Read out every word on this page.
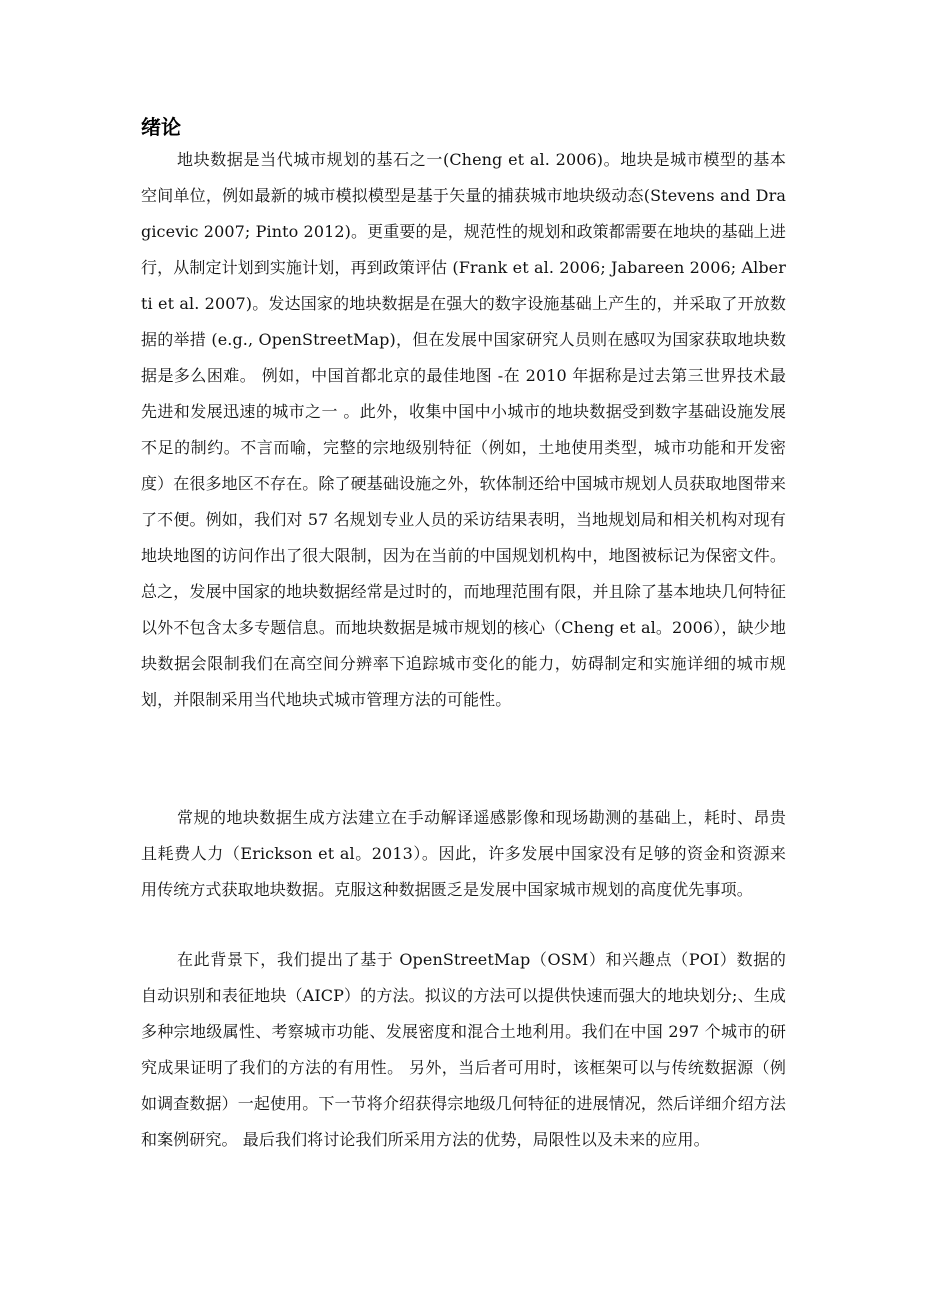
绪论

地块数据是当代城市规划的基石之一(Cheng et al. 2006)。地块是城市模型的基本空间单位，例如最新的城市模拟模型是基于矢量的捕获城市地块级动态(Stevens and Dragicevic 2007; Pinto 2012)。更重要的是，规范性的规划和政策都需要在地块的基础上进行，从制定计划到实施计划，再到政策评估 (Frank et al. 2006; Jabareen 2006; Alberti et al. 2007)。发达国家的地块数据是在强大的数字设施基础上产生的，并采取了开放数据的举措 (e.g., OpenStreetMap)，但在发展中国家研究人员则在感叹为国家获取地块数据是多么困难。 例如，中国首都北京的最佳地图 -在 2010 年据称是过去第三世界技术最先进和发展迅速的城市之一 。此外，收集中国中小城市的地块数据受到数字基础设施发展不足的制约。不言而喻，完整的宗地级别特征（例如，土地使用类型，城市功能和开发密度）在很多地区不存在。除了硬基础设施之外，软体制还给中国城市规划人员获取地图带来了不便。例如，我们对 57 名规划专业人员的采访结果表明，当地规划局和相关机构对现有地块地图的访问作出了很大限制，因为在当前的中国规划机构中，地图被标记为保密文件。总之，发展中国家的地块数据经常是过时的，而地理范围有限，并且除了基本地块几何特征以外不包含太多专题信息。而地块数据是城市规划的核心（Cheng et al。2006），缺少地块数据会限制我们在高空间分辨率下追踪城市变化的能力，妨碍制定和实施详细的城市规划，并限制采用当代地块式城市管理方法的可能性。

常规的地块数据生成方法建立在手动解译遥感影像和现场勘测的基础上，耗时、昂贵且耗费人力（Erickson et al。2013）。因此，许多发展中国家没有足够的资金和资源来用传统方式获取地块数据。克服这种数据匮乏是发展中国家城市规划的高度优先事项。

在此背景下，我们提出了基于 OpenStreetMap（OSM）和兴趣点（POI）数据的自动识别和表征地块（AICP）的方法。拟议的方法可以提供快速而强大的地块划分;、生成多种宗地级属性、考察城市功能、发展密度和混合土地利用。我们在中国 297 个城市的研究成果证明了我们的方法的有用性。 另外，当后者可用时，该框架可以与传统数据源（例如调查数据）一起使用。下一节将介绍获得宗地级几何特征的进展情况，然后详细介绍方法和案例研究。 最后我们将讨论我们所采用方法的优势，局限性以及未来的应用。
